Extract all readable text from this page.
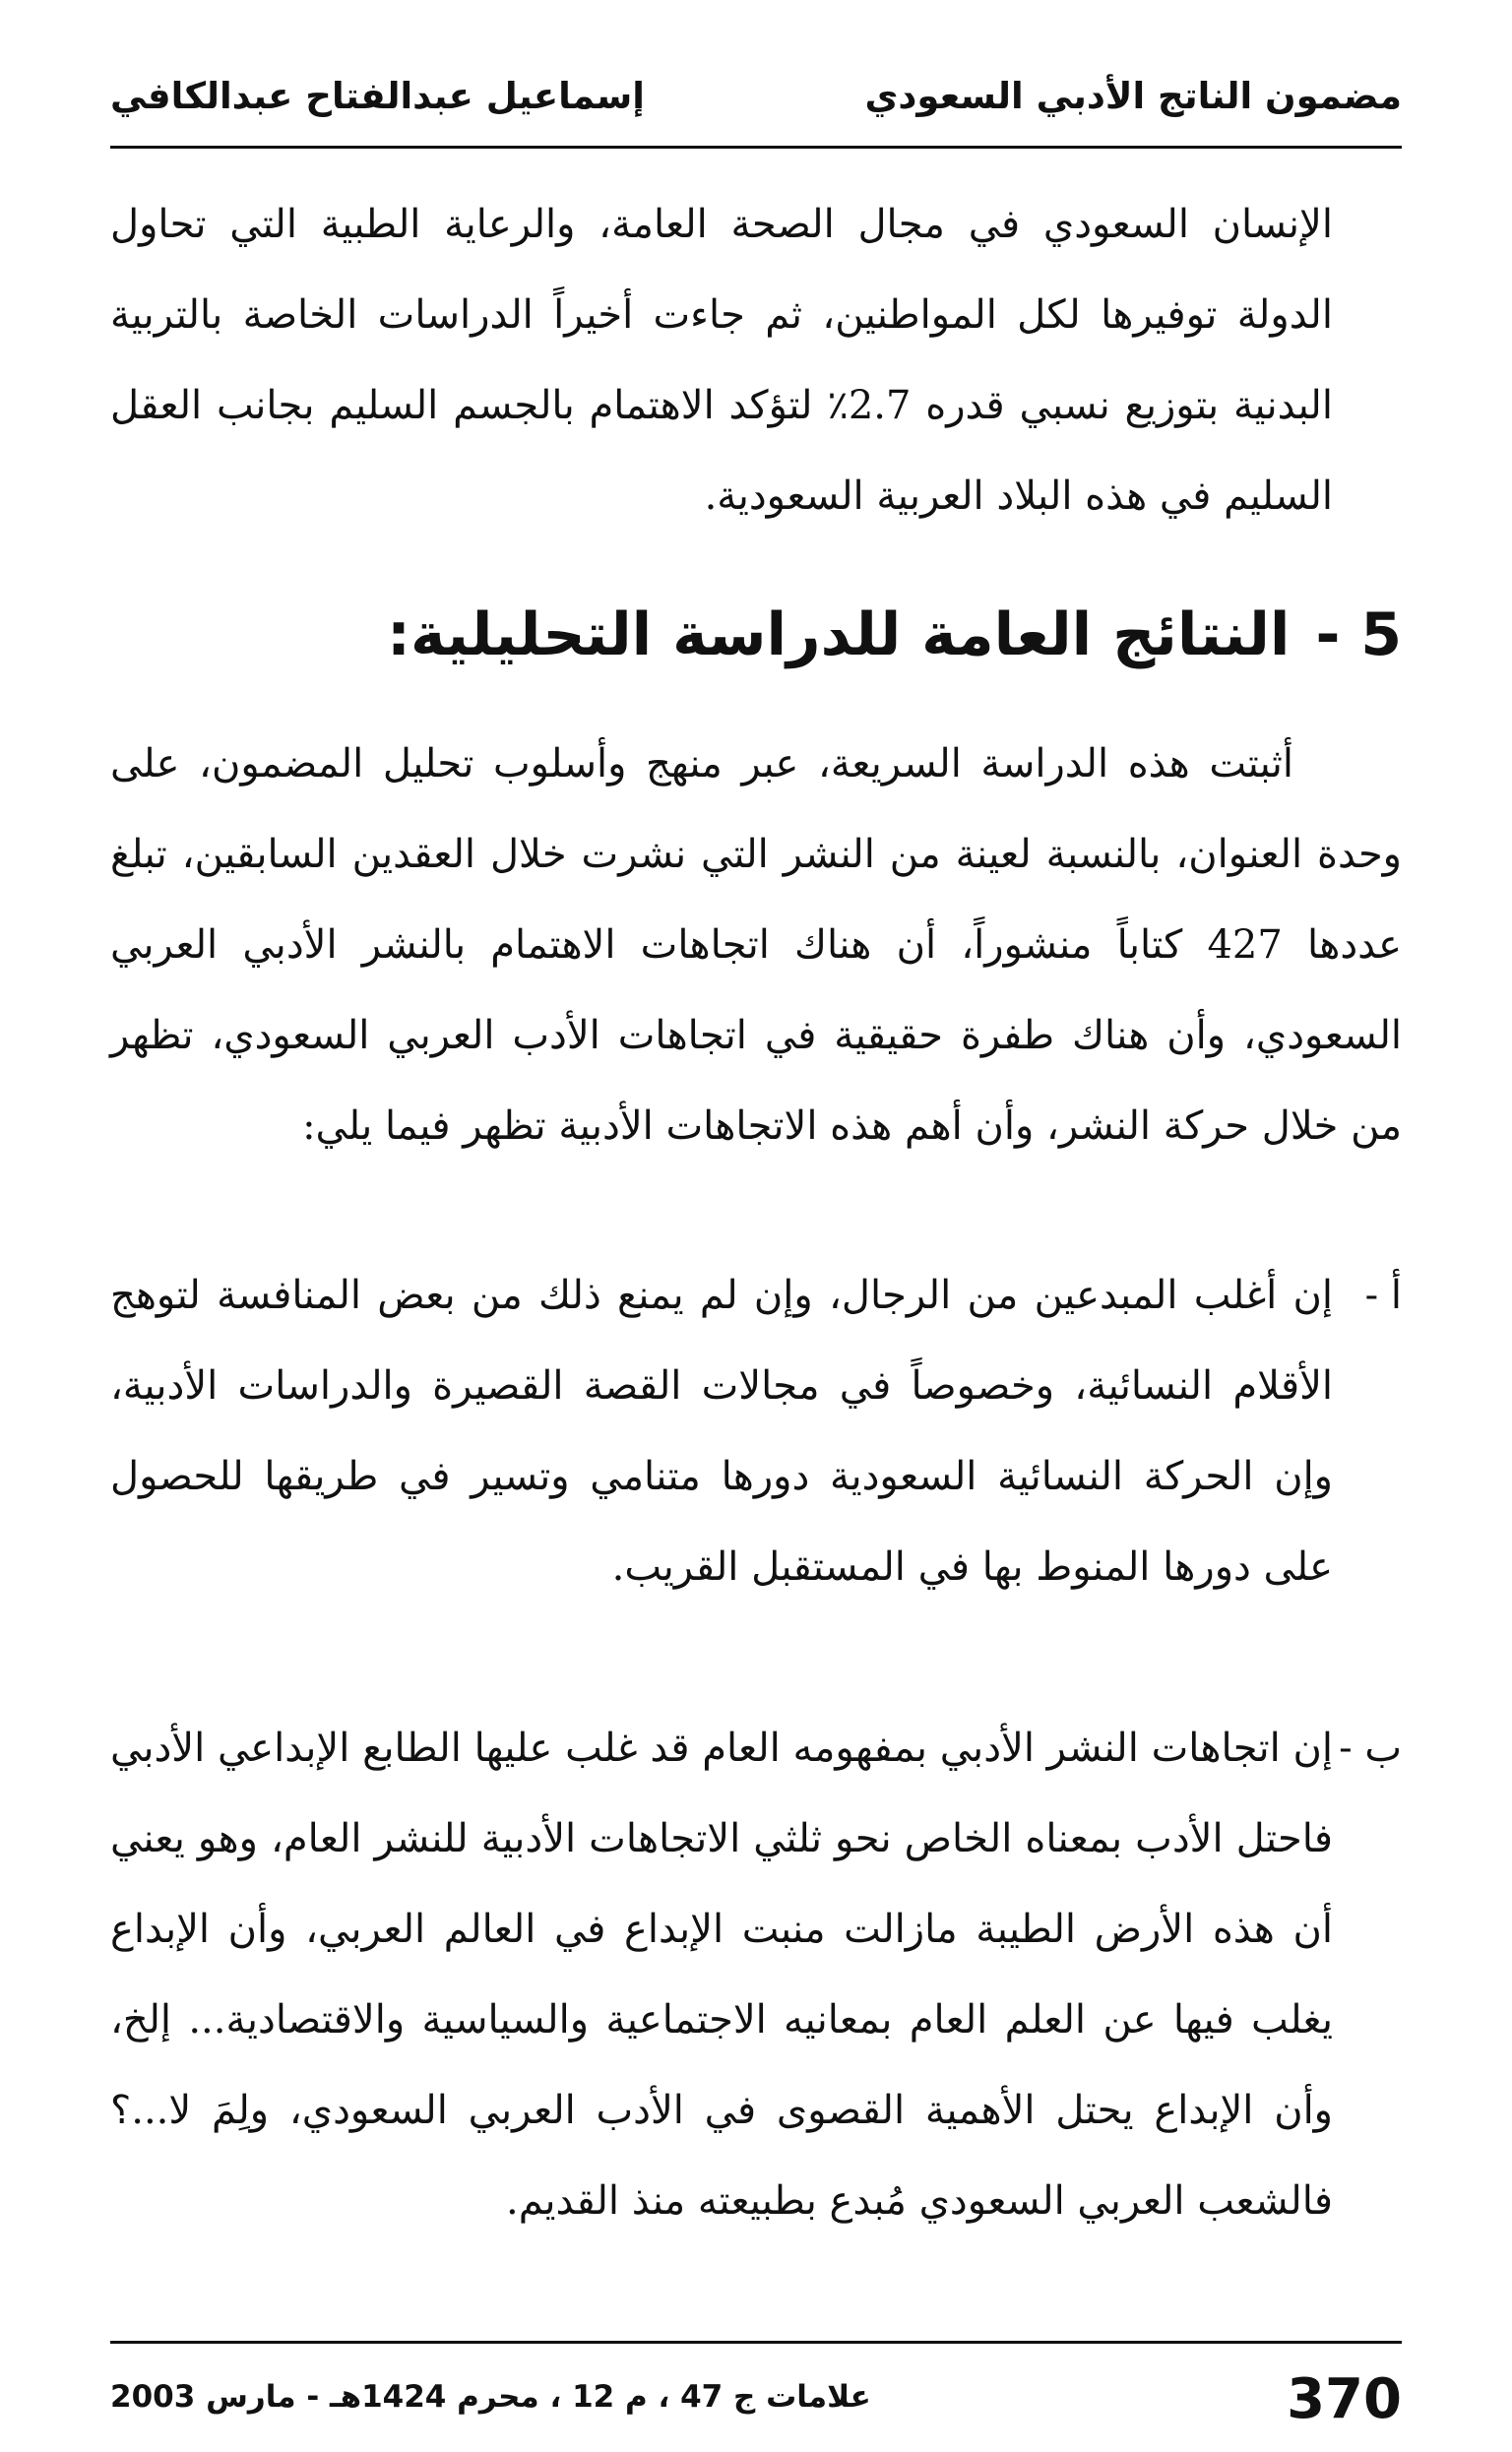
مضمون الناتج الأدبي السعودي
إسماعيل عبدالفتاح عبدالكافي

الإنسان السعودي في مجال الصحة العامة، والرعاية الطبية التي تحاول الدولة توفيرها لكل المواطنين، ثم جاءت أخيراً الدراسات الخاصة بالتربية البدنية بتوزيع نسبي قدره 2.7٪ لتؤكد الاهتمام بالجسم السليم بجانب العقل السليم في هذه البلاد العربية السعودية.

5 -النتائج العامة للدراسة التحليلية:

أثبتت هذه الدراسة السريعة، عبر منهج وأسلوب تحليل المضمون، على وحدة العنوان، بالنسبة لعينة من النشر التي نشرت خلال العقدين السابقين، تبلغ عددها 427 كتاباً منشوراً، أن هناك اتجاهات الاهتمام بالنشر الأدبي العربي السعودي، وأن هناك طفرة حقيقية في اتجاهات الأدب العربي السعودي، تظهر من خلال حركة النشر، وأن أهم هذه الاتجاهات الأدبية تظهر فيما يلي:

أ -
إن أغلب المبدعين من الرجال، وإن لم يمنع ذلك من بعض المنافسة لتوهج الأقلام النسائية، وخصوصاً في مجالات القصة القصيرة والدراسات الأدبية، وإن الحركة النسائية السعودية دورها متنامي وتسير في طريقها للحصول على دورها المنوط بها في المستقبل القريب.
ب -
إن اتجاهات النشر الأدبي بمفهومه العام قد غلب عليها الطابع الإبداعي الأدبي فاحتل الأدب بمعناه الخاص نحو ثلثي الاتجاهات الأدبية للنشر العام، وهو يعني أن هذه الأرض الطيبة مازالت منبت الإبداع في العالم العربي، وأن الإبداع يغلب فيها عن العلم العام بمعانيه الاجتماعية والسياسية والاقتصادية... إلخ، وأن الإبداع يحتل الأهمية القصوى في الأدب العربي السعودي، ولِمَ لا...؟ فالشعب العربي السعودي مُبدع بطبيعته منذ القديم.
370
علامات ج 47 ، م 12 ، محرم 1424هـ - مارس 2003
